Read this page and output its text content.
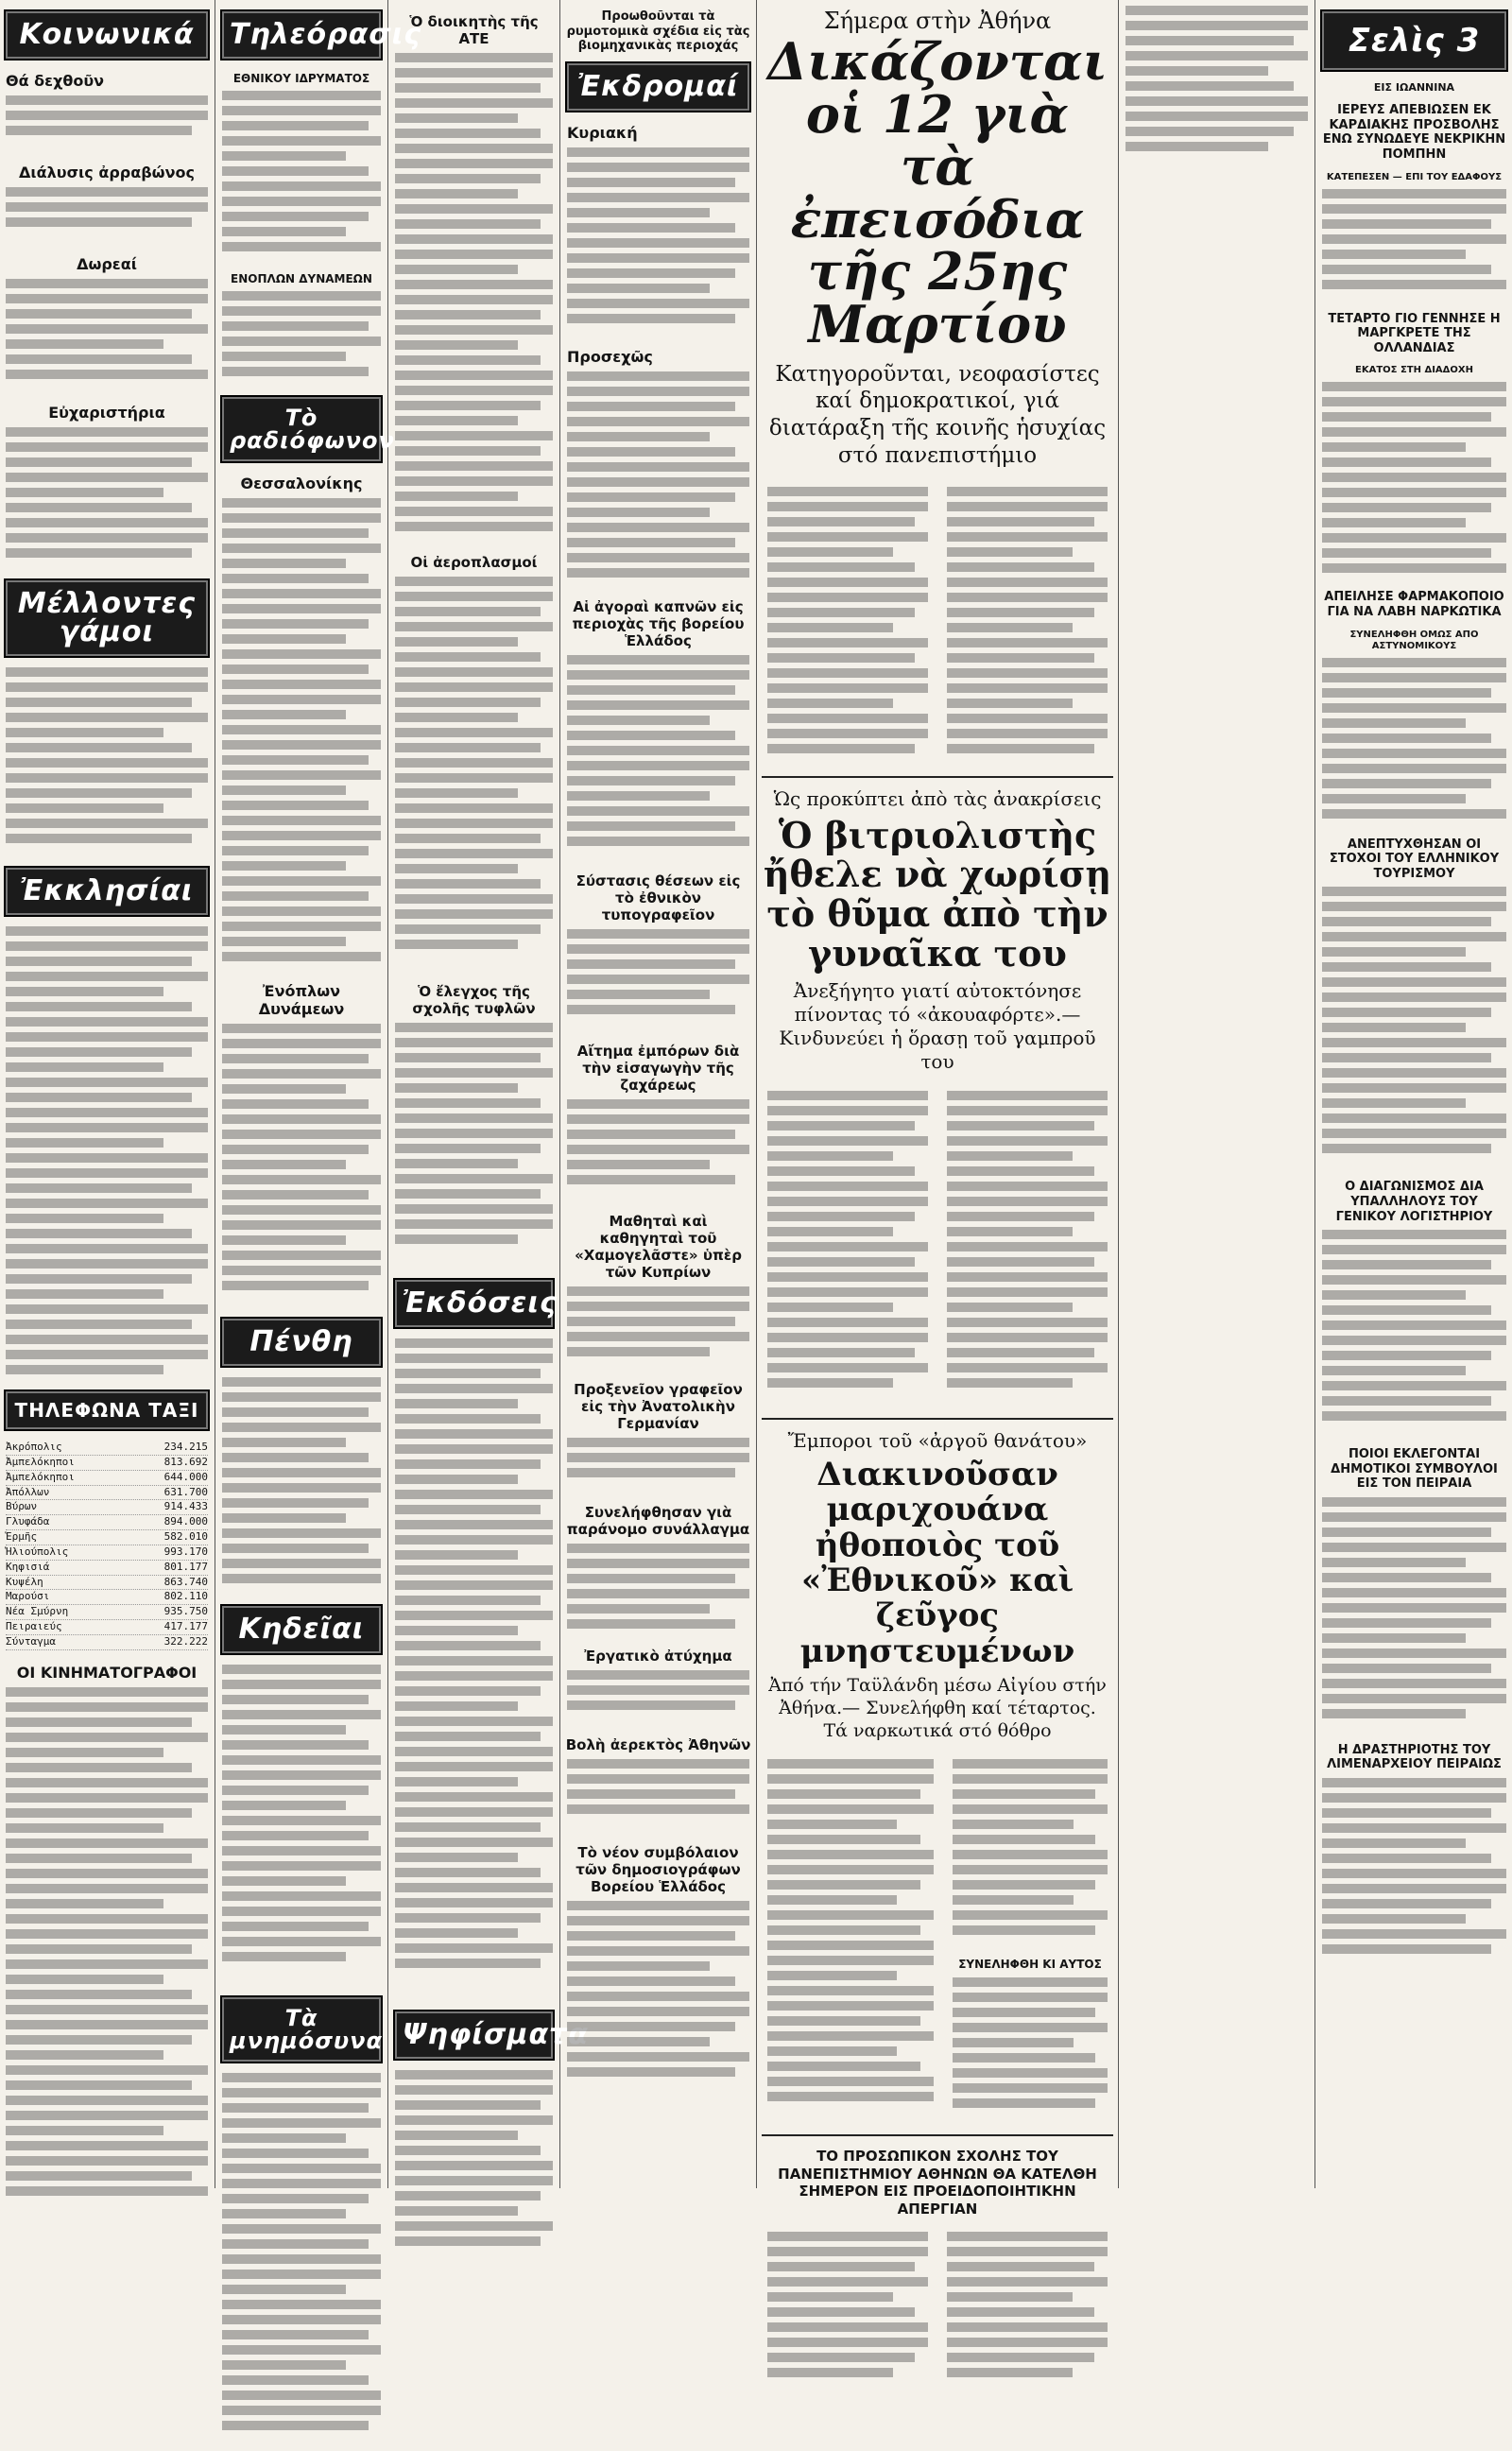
Κοινωνικά
Θά δεχθοῦν
Διάλυσις ἀρραβώνος
Δωρεαί
Εὐχαριστήρια
Μέλλοντες γάμοι
Ἐκκλησίαι
ΤΗΛΕΦΩΝΑ ΤΑΞΙ
Ἀκρόπολις	234.215
Ἀμπελόκηποι	813.692
Ἀμπελόκηποι	644.000
Ἀπόλλων	631.700
Βύρων	914.433
Γλυφάδα	894.000
Ἑρμῆς	582.010
Ἡλιούπολις	993.170
Κηφισιά	801.177
Κυψέλη	863.740
Μαρούσι	802.110
Νέα Σμύρνη	935.750
Πειραιεύς	417.177
Σύνταγμα	322.222
ΟΙ ΚΙΝΗΜΑΤΟΓΡΑΦΟΙ
Τηλεόρασις
ΕΘΝΙΚΟΥ ΙΔΡΥΜΑΤΟΣ
ΕΝΟΠΛΩΝ ΔΥΝΑΜΕΩΝ
Τὸ ραδιόφωνον
Θεσσαλονίκης
Ἐνόπλων Δυνάμεων
Πένθη
Κηδεῖαι
Τὰ μνημόσυνα
Ὁ διοικητὴς τῆς ΑΤΕ
Οἱ ἀεροπλασμοί
Ὁ ἔλεγχος τῆς σχολῆς τυφλῶν
Ἐκδόσεις
Ψηφίσματα
Προωθοῦνται τὰ ρυμοτομικὰ σχέδια εἰς τὰς βιομηχανικὰς περιοχάς
Ἐκδρομαί
Κυριακή
Προσεχῶς
Αἱ ἀγοραὶ καπνῶν εἰς περιοχὰς τῆς βορείου Ἑλλάδος
Σύστασις θέσεων εἰς τὸ ἐθνικὸν τυπογραφεῖον
Αἴτημα ἐμπόρων διὰ τὴν εἰσαγωγὴν τῆς ζαχάρεως
Μαθηταὶ καὶ καθηγηταὶ τοῦ «Χαμογελᾶστε» ὑπὲρ τῶν Κυπρίων
Προξενεῖον γραφεῖον εἰς τὴν Ἀνατολικὴν Γερμανίαν
Συνελήφθησαν γιὰ παράνομο συνάλλαγμα
Ἐργατικὸ ἀτύχημα
Βολὴ ἀερεκτὸς Ἀθηνῶν
Τὸ νέον συμβόλαιον τῶν δημοσιογράφων Βορείου Ἑλλάδος
Σήμερα στὴν Ἀθήνα
Δικάζονται οἱ 12 γιὰ τὰ ἐπεισόδια τῆς 25ης Μαρτίου
Κατηγοροῦνται, νεοφασίστες καί δημοκρατικοί, γιά διατάραξη τῆς κοινῆς ἡσυχίας στό πανεπιστήμιο
Ὡς προκύπτει ἀπὸ τὰς ἀνακρίσεις
Ὁ βιτριολιστὴς ἤθελε νὰ χωρίσῃ τὸ θῦμα ἀπὸ τὴν γυναῖκα του
Ἀνεξήγητο γιατί αὐτοκτόνησε πίνοντας τό «ἀκουαφόρτε».— Κινδυνεύει ἡ ὅρασῃ τοῦ γαμπροῦ του
Ἔμποροι τοῦ «ἀργοῦ θανάτου»
Διακινοῦσαν μαριχουάνα ἠθοποιὸς τοῦ «Ἐθνικοῦ» καὶ ζεῦγος μνηστευμένων
Ἀπό τήν Ταϋλάνδη μέσω Αἰγίου στήν Ἀθήνα.— Συνελήφθη καί τέταρτος. Τά ναρκωτικά στό θόθρο
ΣΥΝΕΛΗΦΘΗ ΚΙ ΑΥΤΟΣ
ΤΟ ΠΡΟΣΩΠΙΚΟΝ ΣΧΟΛΗΣ ΤΟΥ ΠΑΝΕΠΙΣΤΗΜΙΟΥ ΑΘΗΝΩΝ ΘΑ ΚΑΤΕΛΘΗ ΣΗΜΕΡΟΝ ΕΙΣ ΠΡΟΕΙΔΟΠΟΙΗΤΙΚΗΝ ΑΠΕΡΓΙΑΝ
Σελὶς 3
ΕΙΣ ΙΩΑΝΝΙΝΑ
ΙΕΡΕΥΣ ΑΠΕΒΙΩΣΕΝ ΕΚ ΚΑΡΔΙΑΚΗΣ ΠΡΟΣΒΟΛΗΣ ΕΝΩ ΣΥΝΩΔΕΥΕ ΝΕΚΡΙΚΗΝ ΠΟΜΠΗΝ
ΚΑΤΕΠΕΣΕΝ — ΕΠΙ ΤΟΥ ΕΔΑΦΟΥΣ
ΤΕΤΑΡΤΟ ΓΙΟ ΓΕΝΝΗΣΕ Η ΜΑΡΓΚΡΕΤΕ ΤΗΣ ΟΛΛΑΝΔΙΑΣ
ΕΚΑΤΟΣ ΣΤΗ ΔΙΑΔΟΧΗ
ΑΠΕΙΛΗΣΕ ΦΑΡΜΑΚΟΠΟΙΟ ΓΙΑ ΝΑ ΛΑΒΗ ΝΑΡΚΩΤΙΚΑ
ΣΥΝΕΛΗΦΘΗ ΟΜΩΣ ΑΠΟ ΑΣΤΥΝΟΜΙΚΟΥΣ
ΑΝΕΠΤΥΧΘΗΣΑΝ ΟΙ ΣΤΟΧΟΙ ΤΟΥ ΕΛΛΗΝΙΚΟΥ ΤΟΥΡΙΣΜΟΥ
Ο ΔΙΑΓΩΝΙΣΜΟΣ ΔΙΑ ΥΠΑΛΛΗΛΟΥΣ ΤΟΥ ΓΕΝΙΚΟΥ ΛΟΓΙΣΤΗΡΙΟΥ
ΠΟΙΟΙ ΕΚΛΕΓΟΝΤΑΙ ΔΗΜΟΤΙΚΟΙ ΣΥΜΒΟΥΛΟΙ ΕΙΣ ΤΟΝ ΠΕΙΡΑΙΑ
Η ΔΡΑΣΤΗΡΙΟΤΗΣ ΤΟΥ ΛΙΜΕΝΑΡΧΕΙΟΥ ΠΕΙΡΑΙΩΣ
